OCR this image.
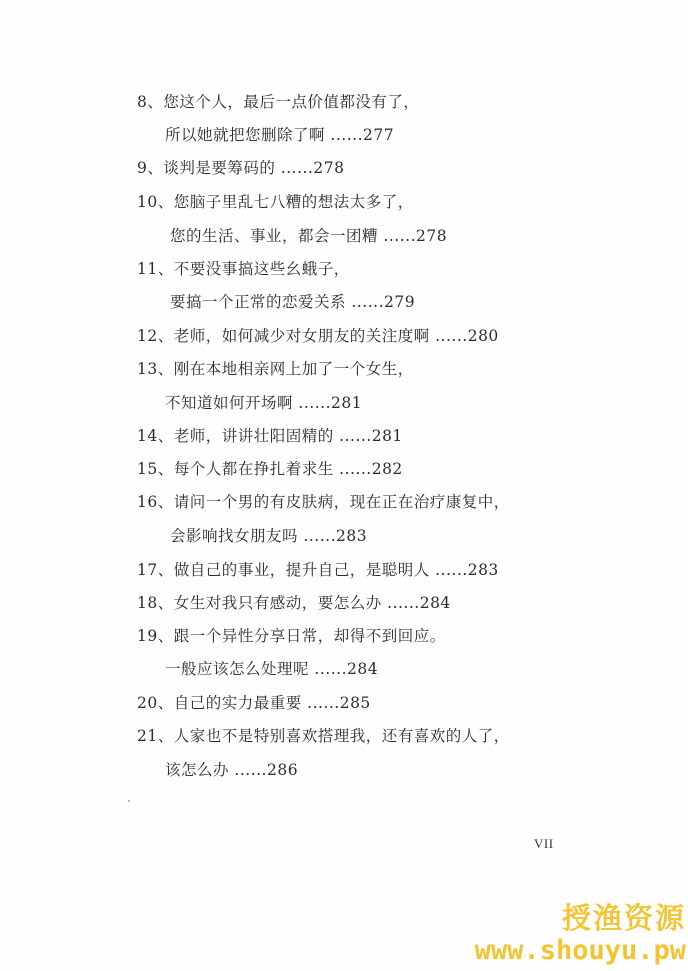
8、您这个人，最后一点价值都没有了，
所以她就把您删除了啊 ......277
9、谈判是要筹码的 ......278
10、您脑子里乱七八糟的想法太多了，
您的生活、事业，都会一团糟 ......278
11、不要没事搞这些幺蛾子，
要搞一个正常的恋爱关系 ......279
12、老师，如何减少对女朋友的关注度啊 ......280
13、刚在本地相亲网上加了一个女生，
不知道如何开场啊 ......281
14、老师，讲讲壮阳固精的 ......281
15、每个人都在挣扎着求生 ......282
16、请问一个男的有皮肤病，现在正在治疗康复中，
会影响找女朋友吗 ......283
17、做自己的事业，提升自己，是聪明人 ......283
18、女生对我只有感动，要怎么办 ......284
19、跟一个异性分享日常，却得不到回应。
一般应该怎么处理呢 ......284
20、自己的实力最重要 ......285
21、人家也不是特别喜欢搭理我，还有喜欢的人了，
该怎么办 ......286
VII
授渔资源
www.shouyu.pw
